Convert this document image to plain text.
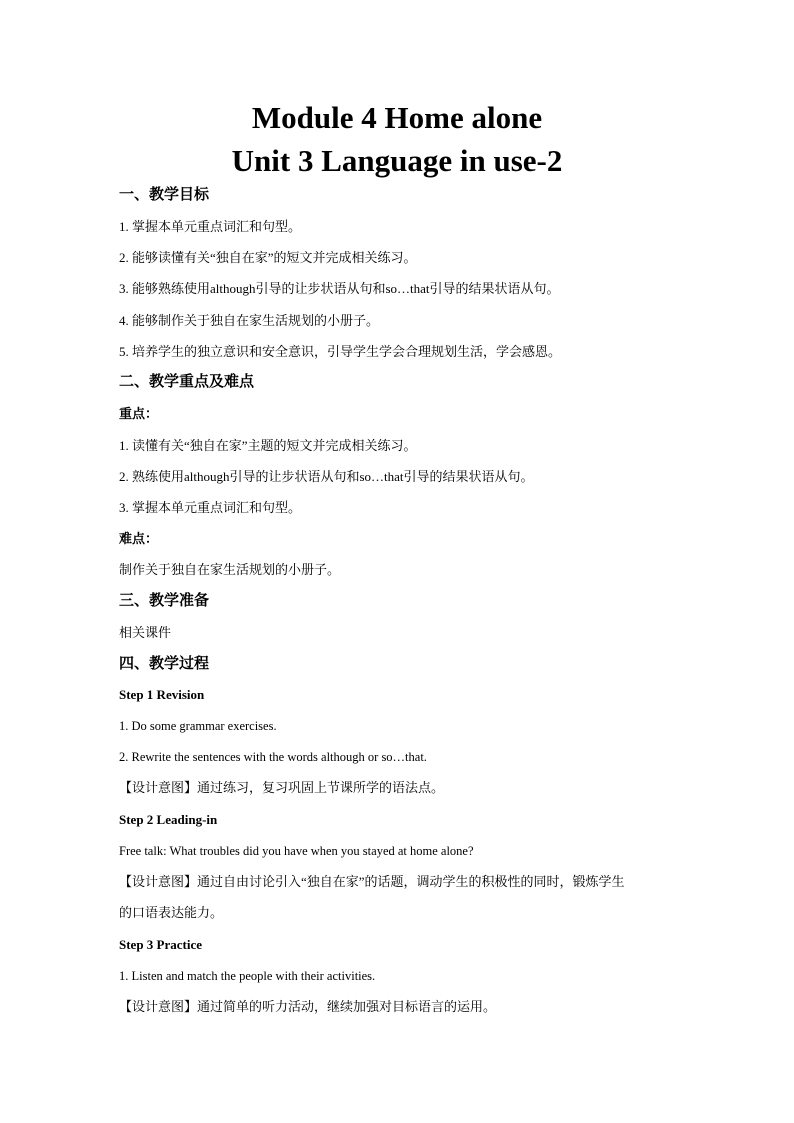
Module 4 Home alone
Unit 3 Language in use-2
一、教学目标
1. 掌握本单元重点词汇和句型。
2. 能够读懂有关“独自在家”的短文并完成相关练习。
3. 能够熟练使用although引导的让步状语从句和so…that引导的结果状语从句。
4. 能够制作关于独自在家生活规划的小册子。
5. 培养学生的独立意识和安全意识，引导学生学会合理规划生活，学会感恩。
二、教学重点及难点
重点：
1. 读懂有关“独自在家”主题的短文并完成相关练习。
2. 熟练使用although引导的让步状语从句和so…that引导的结果状语从句。
3. 掌握本单元重点词汇和句型。
难点：
制作关于独自在家生活规划的小册子。
三、教学准备
相关课件
四、教学过程
Step 1 Revision
1. Do some grammar exercises.
2. Rewrite the sentences with the words although or so…that.
【设计意图】通过练习，复习巩固上节课所学的语法点。
Step 2 Leading-in
Free talk: What troubles did you have when you stayed at home alone?
【设计意图】通过自由讨论引入“独自在家”的话题，调动学生的积极性的同时，锻炼学生
的口语表达能力。
Step 3 Practice
1. Listen and match the people with their activities.
【设计意图】通过简单的听力活动，继续加强对目标语言的运用。
